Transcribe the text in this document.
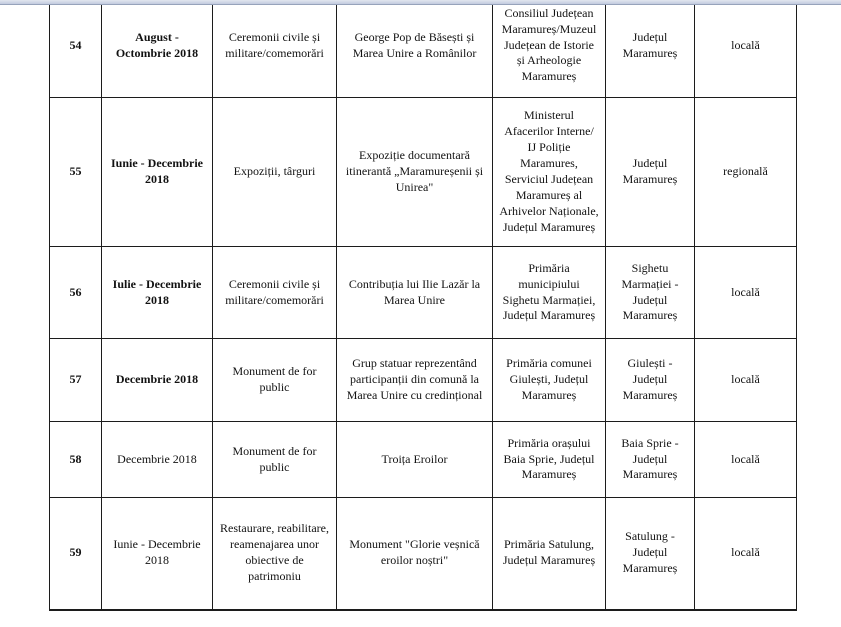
54	August - Octombrie 2018	Ceremonii civile și militare/comemorări	George Pop de Băsești și Marea Unire a Românilor	Consiliul Județean Maramureș/Muzeul Județean de Istorie și Arheologie Maramureș	Județul Maramureș	locală
55	Iunie - Decembrie 2018	Expoziții, târguri	Expoziție documentară itinerantă „Maramureșenii și Unirea"	Ministerul Afacerilor Interne/ IJ Poliție Maramures, Serviciul Județean Maramureș al Arhivelor Naționale, Județul Maramureș	Județul Maramureș	regională
56	Iulie - Decembrie 2018	Ceremonii civile și militare/comemorări	Contribuția lui Ilie Lazăr la Marea Unire	Primăria municipiului Sighetu Marmației, Județul Maramureș	Sighetu Marmației - Județul Maramureș	locală
57	Decembrie 2018	Monument de for public	Grup statuar reprezentând participanții din comună la Marea Unire cu credințional	Primăria comunei Giulești, Județul Maramureș	Giulești - Județul Maramureș	locală
58	Decembrie 2018	Monument de for public	Troița Eroilor	Primăria orașului Baia Sprie, Județul Maramureș	Baia Sprie - Județul Maramureș	locală
59	Iunie - Decembrie 2018	Restaurare, reabilitare, reamenajarea unor obiective de patrimoniu	Monument "Glorie veșnică eroilor noștri"	Primăria Satulung, Județul Maramureș	Satulung - Județul Maramureș	locală
